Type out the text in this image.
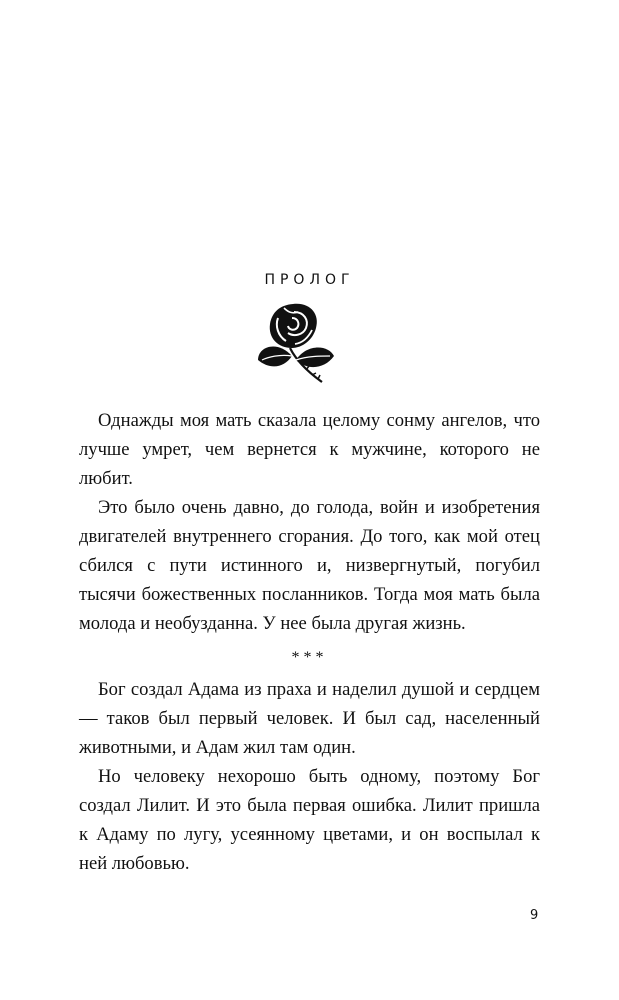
ПРОЛОГ

Однажды моя мать сказала целому сонму ангелов, что лучше умрет, чем вернется к мужчине, которого не любит.

Это было очень давно, до голода, войн и изобретения двигателей внутреннего сгорания. До того, как мой отец сбился с пути истинного и, низвергнутый, погубил тысячи божественных посланников. Тогда моя мать была молода и необузданна. У нее была другая жизнь.

***

Бог создал Адама из праха и наделил душой и сердцем — таков был первый человек. И был сад, населенный животными, и Адам жил там один.

Но человеку нехорошо быть одному, поэтому Бог создал Лилит. И это была первая ошибка. Лилит пришла к Адаму по лугу, усеянному цветами, и он воспылал к ней любовью.

9
